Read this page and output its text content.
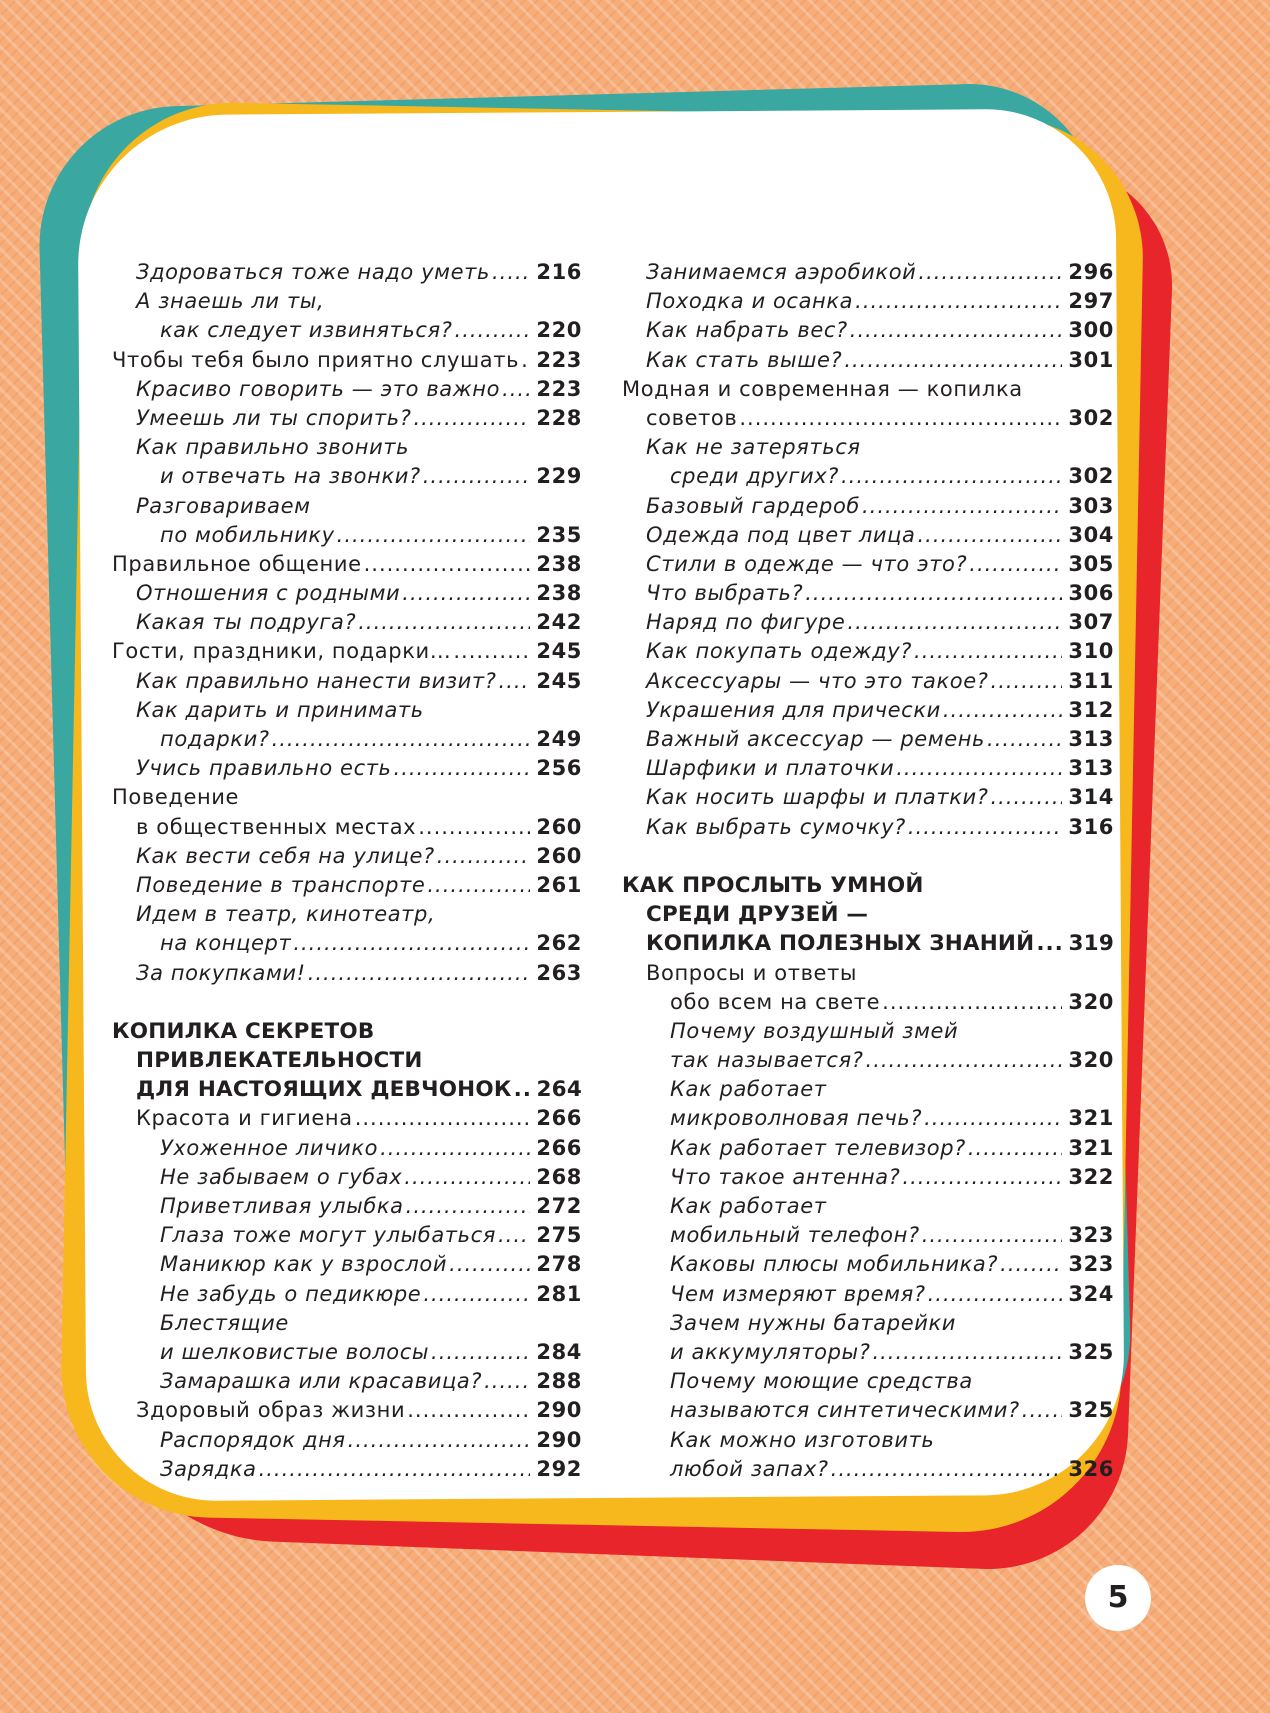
Здороваться тоже надо уметь ..... 216
А знаешь ли ты,
как следует извиняться? .....	220
Чтобы тебя было приятно слушать ..... 223
Красиво говорить — это важно ..... 223
Умеешь ли ты спорить? .....	228
Как правильно звонить
и отвечать на звонки? .....	229
Разговариваем
по мобильнику .....	235
Правильное общение .....	238
Отношения с родными .....	238
Какая ты подруга? .....	242
Гости, праздники, подарки… .....	245
Как правильно нанести визит? ..... 245
Как дарить и принимать
подарки? .....	249
Учись правильно есть .....	256
Поведение
в общественных местах .....	260
Как вести себя на улице? .....	260
Поведение в транспорте .....	261
Идем в театр, кинотеатр,
на концерт .....	262
За покупками! .....	263
КОПИЛКА СЕКРЕТОВ
ПРИВЛЕКАТЕЛЬНОСТИ
ДЛЯ НАСТОЯЩИХ ДЕВЧОНОК ..... 264
Красота и гигиена .....	266
Ухоженное личико .....	266
Не забываем о губах .....	268
Приветливая улыбка .....	272
Глаза тоже могут улыбаться ..... 275
Маникюр как у взрослой .....	278
Не забудь о педикюре .....	281
Блестящие
и шелковистые волосы .....	284
Замарашка или красавица? .....	288
Здоровый образ жизни .....	290
Распорядок дня .....	290
Зарядка .....	292
Занимаемся аэробикой .....	296
Походка и осанка .....	297
Как набрать вес? .....	300
Как стать выше? .....	301
Модная и современная — копилка
советов .....	302
Как не затеряться
среди других? .....	302
Базовый гардероб .....	303
Одежда под цвет лица .....	304
Стили в одежде — что это? .....	305
Что выбрать? .....	306
Наряд по фигуре .....	307
Как покупать одежду? .....	310
Аксессуары — что это такое? .....	311
Украшения для прически .....	312
Важный аксессуар — ремень .....	313
Шарфики и платочки .....	313
Как носить шарфы и платки? .....	314
Как выбрать сумочку? .....	316
КАК ПРОСЛЫТЬ УМНОЙ
СРЕДИ ДРУЗЕЙ —
КОПИЛКА ПОЛЕЗНЫХ ЗНАНИЙ ..... 319
Вопросы и ответы
обо всем на свете .....	320
Почему воздушный змей
так называется? .....	320
Как работает
микроволновая печь? .....	321
Как работает телевизор? .....	321
Что такое антенна? .....	322
Как работает
мобильный телефон? .....	323
Каковы плюсы мобильника? .....	323
Чем измеряют время? .....	324
Зачем нужны батарейки
и аккумуляторы? .....	325
Почему моющие средства
называются синтетическими? ..... 325
Как можно изготовить
любой запах? .....	326
5
